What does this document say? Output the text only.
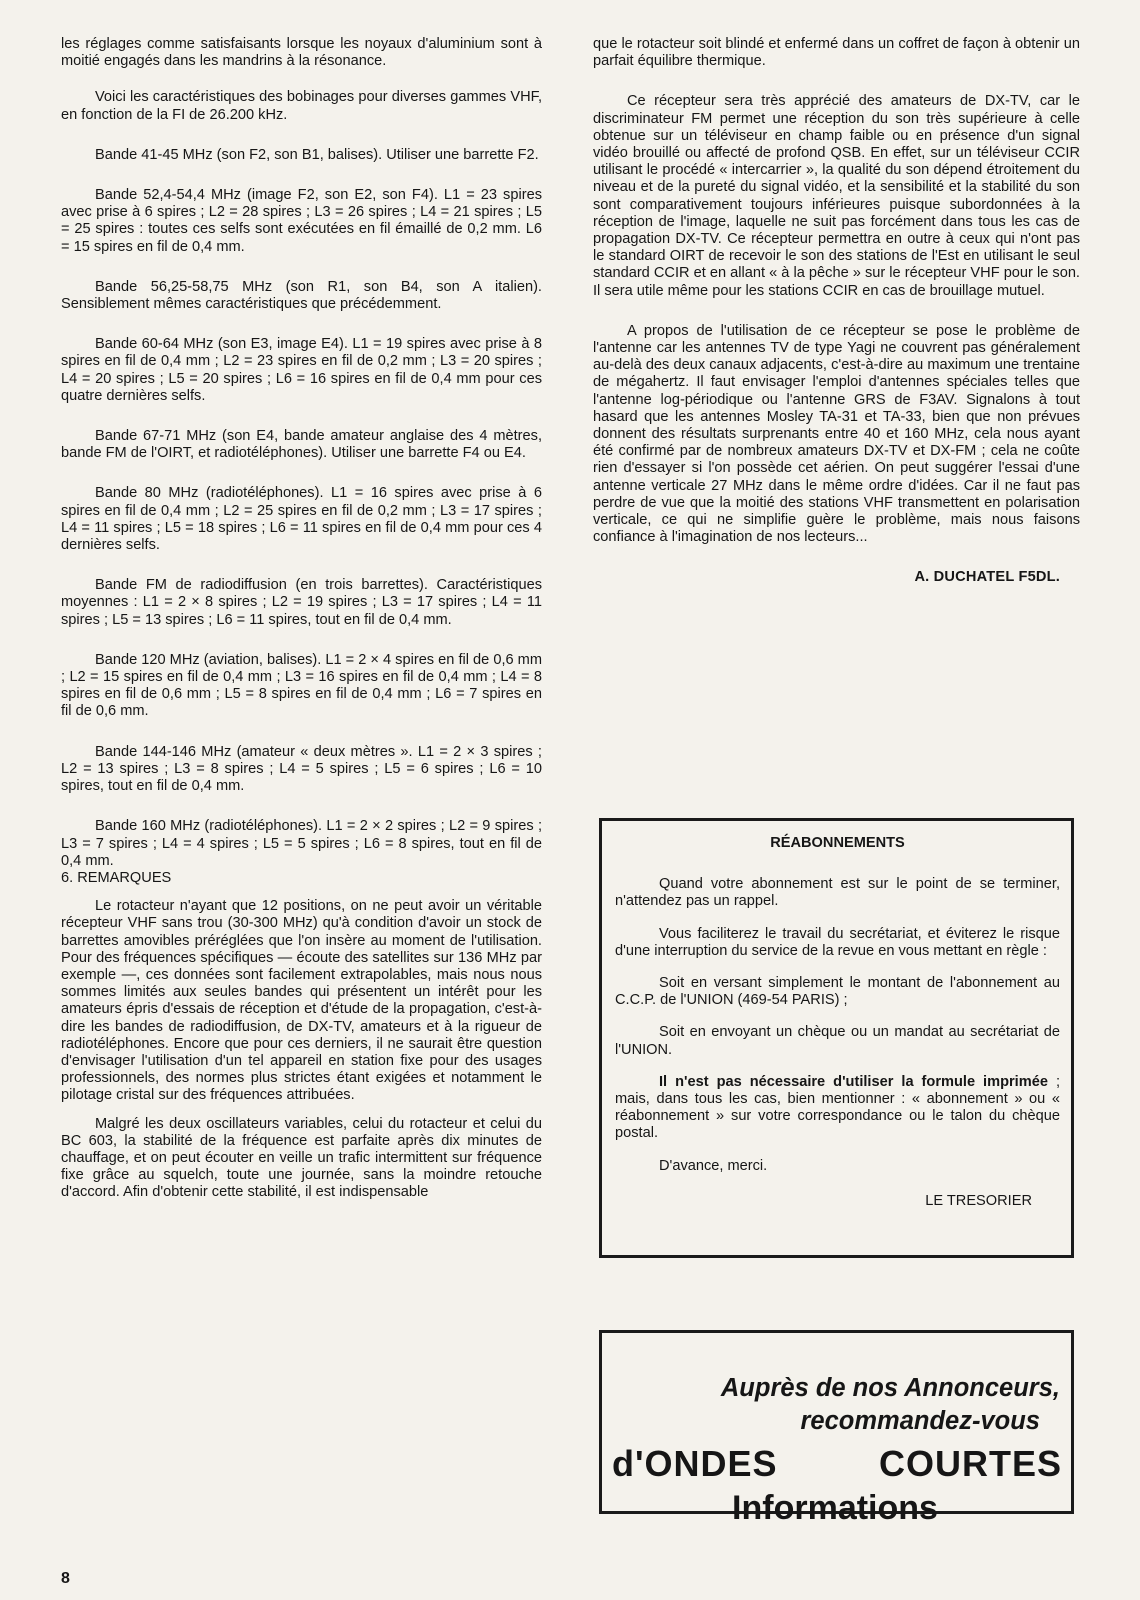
les réglages comme satisfaisants lorsque les noyaux d'aluminium sont à moitié engagés dans les mandrins à la résonance.

Voici les caractéristiques des bobinages pour diverses gammes VHF, en fonction de la FI de 26.200 kHz.

Bande 41-45 MHz (son F2, son B1, balises). Utiliser une barrette F2.

Bande 52,4-54,4 MHz (image F2, son E2, son F4). L1 = 23 spires avec prise à 6 spires ; L2 = 28 spires ; L3 = 26 spires ; L4 = 21 spires ; L5 = 25 spires : toutes ces selfs sont exécutées en fil émaillé de 0,2 mm. L6 = 15 spires en fil de 0,4 mm.

Bande 56,25-58,75 MHz (son R1, son B4, son A italien). Sensiblement mêmes caractéristiques que précédemment.

Bande 60-64 MHz (son E3, image E4). L1 = 19 spires avec prise à 8 spires en fil de 0,4 mm ; L2 = 23 spires en fil de 0,2 mm ; L3 = 20 spires ; L4 = 20 spires ; L5 = 20 spires ; L6 = 16 spires en fil de 0,4 mm pour ces quatre dernières selfs.

Bande 67-71 MHz (son E4, bande amateur anglaise des 4 mètres, bande FM de l'OIRT, et radiotéléphones). Utiliser une barrette F4 ou E4.

Bande 80 MHz (radiotéléphones). L1 = 16 spires avec prise à 6 spires en fil de 0,4 mm ; L2 = 25 spires en fil de 0,2 mm ; L3 = 17 spires ; L4 = 11 spires ; L5 = 18 spires ; L6 = 11 spires en fil de 0,4 mm pour ces 4 dernières selfs.

Bande FM de radiodiffusion (en trois barrettes). Caractéristiques moyennes : L1 = 2 × 8 spires ; L2 = 19 spires ; L3 = 17 spires ; L4 = 11 spires ; L5 = 13 spires ; L6 = 11 spires, tout en fil de 0,4 mm.

Bande 120 MHz (aviation, balises). L1 = 2 × 4 spires en fil de 0,6 mm ; L2 = 15 spires en fil de 0,4 mm ; L3 = 16 spires en fil de 0,4 mm ; L4 = 8 spires en fil de 0,6 mm ; L5 = 8 spires en fil de 0,4 mm ; L6 = 7 spires en fil de 0,6 mm.

Bande 144-146 MHz (amateur « deux mètres ». L1 = 2 × 3 spires ; L2 = 13 spires ; L3 = 8 spires ; L4 = 5 spires ; L5 = 6 spires ; L6 = 10 spires, tout en fil de 0,4 mm.

Bande 160 MHz (radiotéléphones). L1 = 2 × 2 spires ; L2 = 9 spires ; L3 = 7 spires ; L4 = 4 spires ; L5 = 5 spires ; L6 = 8 spires, tout en fil de 0,4 mm.

6. REMARQUES

Le rotacteur n'ayant que 12 positions, on ne peut avoir un véritable récepteur VHF sans trou (30-300 MHz) qu'à condition d'avoir un stock de barrettes amovibles préréglées que l'on insère au moment de l'utilisation. Pour des fréquences spécifiques — écoute des satellites sur 136 MHz par exemple —, ces données sont facilement extrapolables, mais nous nous sommes limités aux seules bandes qui présentent un intérêt pour les amateurs épris d'essais de réception et d'étude de la propagation, c'est-à-dire les bandes de radiodiffusion, de DX-TV, amateurs et à la rigueur de radiotéléphones. Encore que pour ces derniers, il ne saurait être question d'envisager l'utilisation d'un tel appareil en station fixe pour des usages professionnels, des normes plus strictes étant exigées et notamment le pilotage cristal sur des fréquences attribuées.

Malgré les deux oscillateurs variables, celui du rotacteur et celui du BC 603, la stabilité de la fréquence est parfaite après dix minutes de chauffage, et on peut écouter en veille un trafic intermittent sur fréquence fixe grâce au squelch, toute une journée, sans la moindre retouche d'accord. Afin d'obtenir cette stabilité, il est indispensable

que le rotacteur soit blindé et enfermé dans un coffret de façon à obtenir un parfait équilibre thermique.

Ce récepteur sera très apprécié des amateurs de DX-TV, car le discriminateur FM permet une réception du son très supérieure à celle obtenue sur un téléviseur en champ faible ou en présence d'un signal vidéo brouillé ou affecté de profond QSB. En effet, sur un téléviseur CCIR utilisant le procédé « intercarrier », la qualité du son dépend étroitement du niveau et de la pureté du signal vidéo, et la sensibilité et la stabilité du son sont comparativement toujours inférieures puisque subordonnées à la réception de l'image, laquelle ne suit pas forcément dans tous les cas de propagation DX-TV. Ce récepteur permettra en outre à ceux qui n'ont pas le standard OIRT de recevoir le son des stations de l'Est en utilisant le seul standard CCIR et en allant « à la pêche » sur le récepteur VHF pour le son. Il sera utile même pour les stations CCIR en cas de brouillage mutuel.

A propos de l'utilisation de ce récepteur se pose le problème de l'antenne car les antennes TV de type Yagi ne couvrent pas généralement au-delà des deux canaux adjacents, c'est-à-dire au maximum une trentaine de mégahertz. Il faut envisager l'emploi d'antennes spéciales telles que l'antenne log-périodique ou l'antenne GRS de F3AV. Signalons à tout hasard que les antennes Mosley TA-31 et TA-33, bien que non prévues donnent des résultats surprenants entre 40 et 160 MHz, cela nous ayant été confirmé par de nombreux amateurs DX-TV et DX-FM ; cela ne coûte rien d'essayer si l'on possède cet aérien. On peut suggérer l'essai d'une antenne verticale 27 MHz dans le même ordre d'idées. Car il ne faut pas perdre de vue que la moitié des stations VHF transmettent en polarisation verticale, ce qui ne simplifie guère le problème, mais nous faisons confiance à l'imagination de nos lecteurs...

A. DUCHATEL F5DL.

RÉABONNEMENTS

Quand votre abonnement est sur le point de se terminer, n'attendez pas un rappel.

Vous faciliterez le travail du secrétariat, et éviterez le risque d'une interruption du service de la revue en vous mettant en règle :

Soit en versant simplement le montant de l'abonnement au C.C.P. de l'UNION (469-54 PARIS) ;

Soit en envoyant un chèque ou un mandat au secrétariat de l'UNION.

Il n'est pas nécessaire d'utiliser la formule imprimée ; mais, dans tous les cas, bien mentionner : « abonnement » ou « réabonnement » sur votre correspondance ou le talon du chèque postal.

D'avance, merci.

LE TRESORIER

Auprès de nos Annonceurs,

recommandez-vous

d'ONDES	COURTES

Informations

8
